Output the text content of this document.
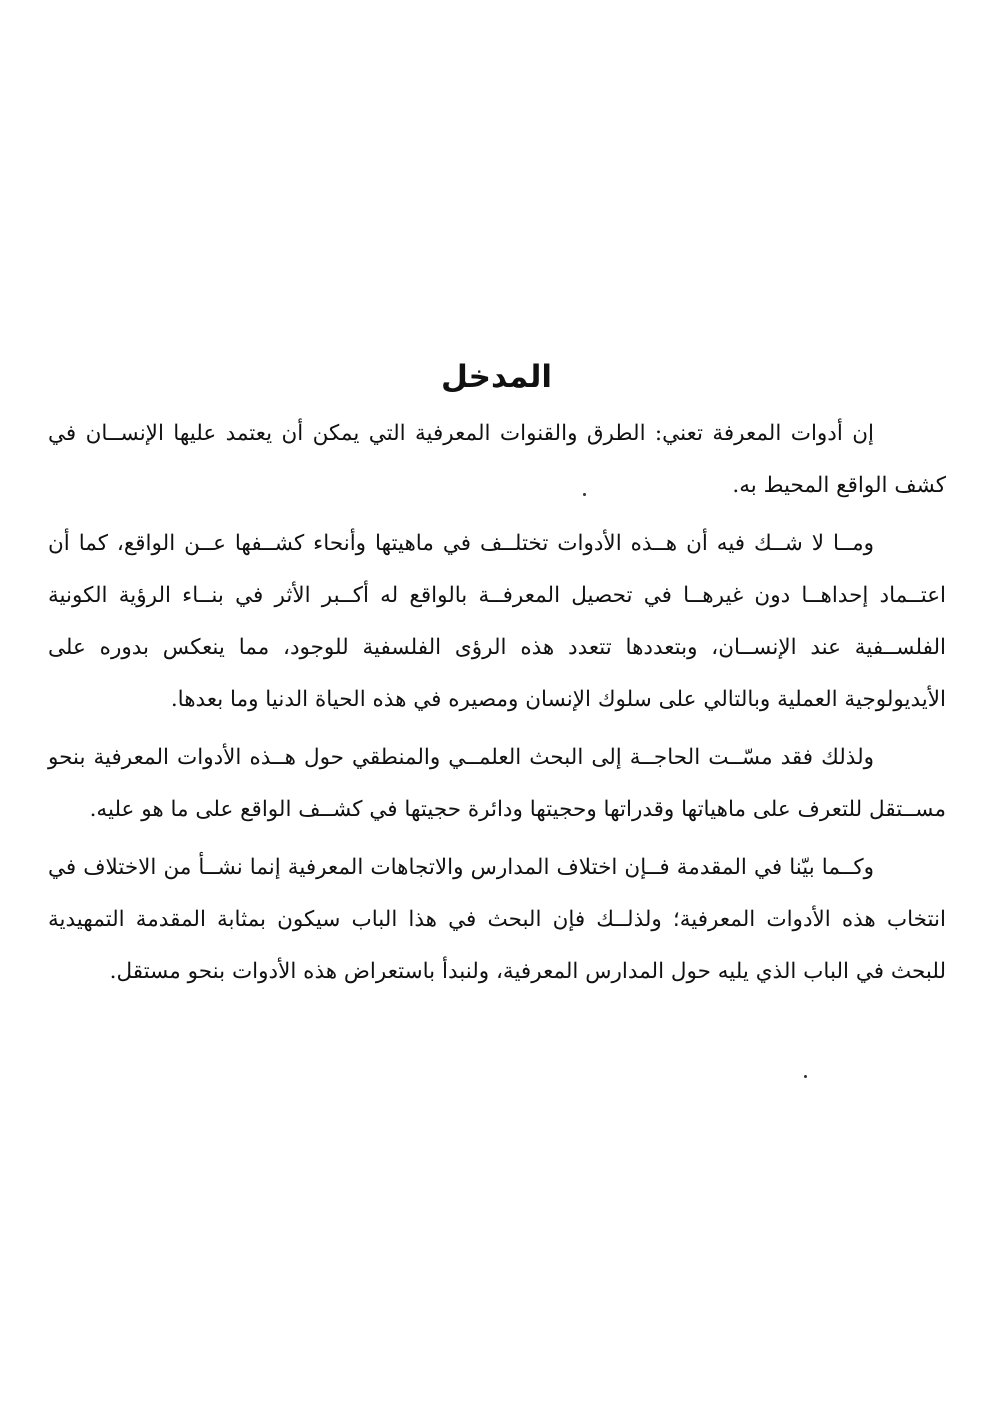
المدخل

إن أدوات المعرفة تعني: الطرق والقنوات المعرفية التي يمكن أن يعتمد عليها الإنســان في كشف الواقع المحيط به.

ومــا لا شــك فيه أن هــذه الأدوات تختلــف في ماهيتها وأنحاء كشــفها عــن الواقع، كما أن اعتــماد إحداهــا دون غيرهــا في تحصيل المعرفــة بالواقع له أكــبر الأثر في بنــاء الرؤية الكونية الفلســفية عند الإنســان، وبتعددها تتعدد هذه الرؤى الفلسفية للوجود، مما ينعكس بدوره على الأيديولوجية العملية وبالتالي على سلوك الإنسان ومصيره في هذه الحياة الدنيا وما بعدها.

ولذلك فقد مسّــت الحاجــة إلى البحث العلمــي والمنطقي حول هــذه الأدوات المعرفية بنحو مســتقل للتعرف على ماهياتها وقدراتها وحجيتها ودائرة حجيتها في كشــف الواقع على ما هو عليه.

وكــما بيّنا في المقدمة فــإن اختلاف المدارس والاتجاهات المعرفية إنما نشــأ من الاختلاف في انتخاب هذه الأدوات المعرفية؛ ولذلــك فإن البحث في هذا الباب سيكون بمثابة المقدمة التمهيدية للبحث في الباب الذي يليه حول المدارس المعرفية، ولنبدأ باستعراض هذه الأدوات بنحو مستقل.
